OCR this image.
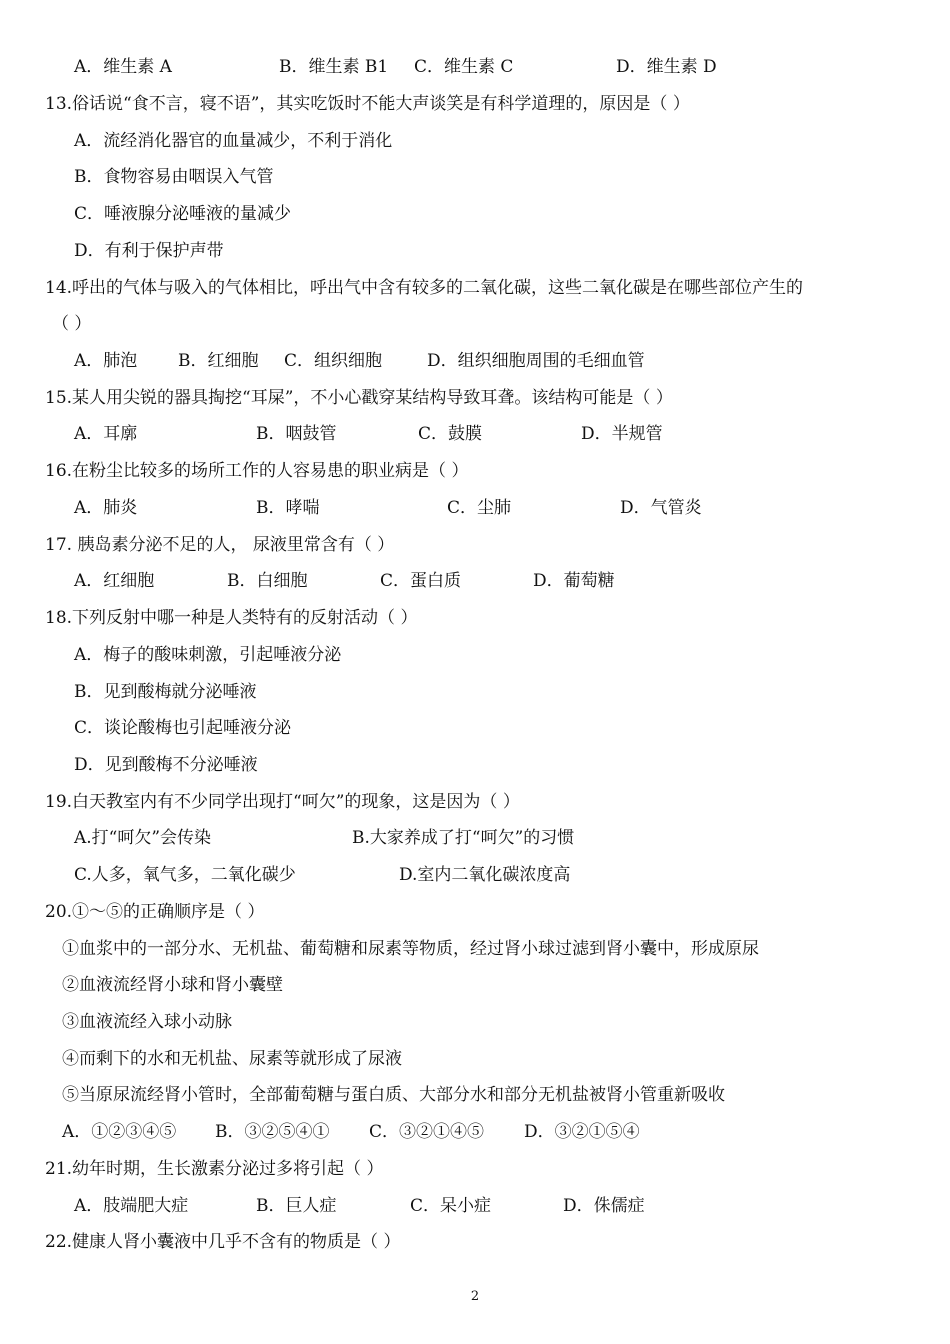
A．维生素 A	B．维生素 B1 C．维生素 C	D．维生素 D
13.俗话说“食不言，寝不语”，其实吃饭时不能大声谈笑是有科学道理的，原因是（ ）
A．流经消化器官的血量减少，不利于消化
B．食物容易由咽误入气管
C．唾液腺分泌唾液的量减少
D．有利于保护声带
14.呼出的气体与吸入的气体相比，呼出气中含有较多的二氧化碳，这些二氧化碳是在哪些部位产生的
（ ）
A．肺泡 B．红细胞 C．组织细胞	D．组织细胞周围的毛细血管
15.某人用尖锐的器具掏挖“耳屎”，不小心戳穿某结构导致耳聋。该结构可能是（ ）
A．耳廓	B．咽鼓管	C．鼓膜	D．半规管
16.在粉尘比较多的场所工作的人容易患的职业病是（ ）
A．肺炎	B．哮喘	C．尘肺	D．气管炎
17. 胰岛素分泌不足的人， 尿液里常含有（ ）
A．红细胞	B．白细胞	C．蛋白质	D．葡萄糖
18.下列反射中哪一种是人类特有的反射活动（ ）
A．梅子的酸味刺激，引起唾液分泌
B．见到酸梅就分泌唾液
C．谈论酸梅也引起唾液分泌
D．见到酸梅不分泌唾液
19.白天教室内有不少同学出现打“呵欠”的现象，这是因为（ ）
A.打“呵欠”会传染	B.大家养成了打“呵欠”的习惯
C.人多，氧气多，二氧化碳少	D.室内二氧化碳浓度高
20.①～⑤的正确顺序是（ ）
①血浆中的一部分水、无机盐、葡萄糖和尿素等物质，经过肾小球过滤到肾小囊中，形成原尿
②血液流经肾小球和肾小囊壁
③血液流经入球小动脉
④而剩下的水和无机盐、尿素等就形成了尿液
⑤当原尿流经肾小管时，全部葡萄糖与蛋白质、大部分水和部分无机盐被肾小管重新吸收
A．①②③④⑤ B．③②⑤④① C．③②①④⑤ D．③②①⑤④
21.幼年时期，生长激素分泌过多将引起（ ）
A．肢端肥大症	B．巨人症	C．呆小症	D．侏儒症
22.健康人肾小囊液中几乎不含有的物质是（ ）
2
